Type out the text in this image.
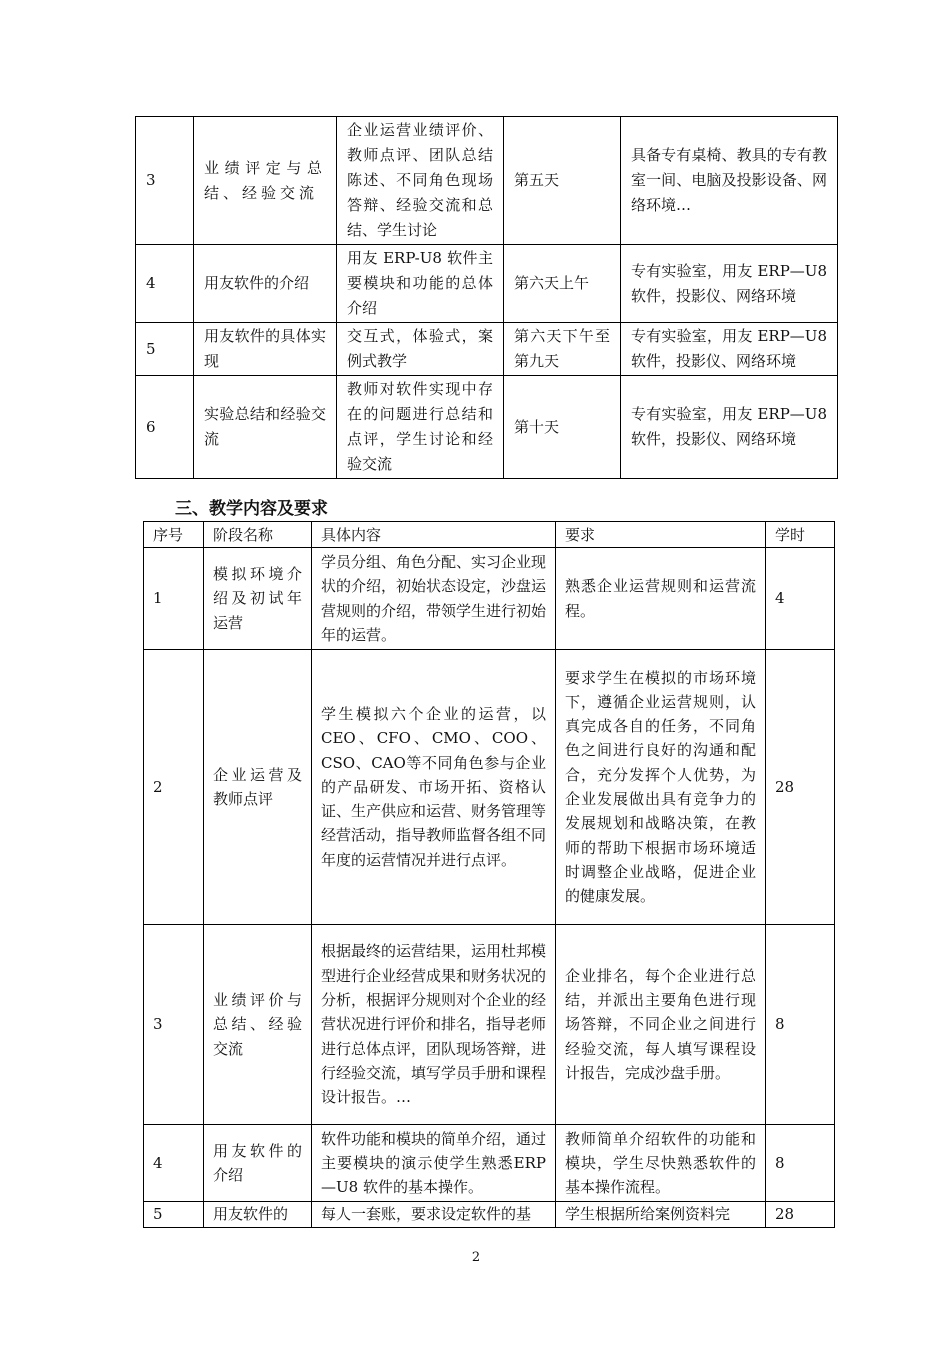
3	业绩评定与总结、经验交流	企业运营业绩评价、教师点评、团队总结陈述、不同角色现场答辩、经验交流和总结、学生讨论	第五天	具备专有桌椅、教具的专有教室一间、电脑及投影设备、网络环境…
4	用友软件的介绍	用友 ERP-U8 软件主要模块和功能的总体介绍	第六天上午	专有实验室，用友 ERP—U8 软件，投影仪、网络环境
5	用友软件的具体实现	交互式，体验式，案例式教学	第六天下午至第九天	专有实验室，用友 ERP—U8 软件，投影仪、网络环境
6	实验总结和经验交流	教师对软件实现中存在的问题进行总结和点评，学生讨论和经验交流	第十天	专有实验室，用友 ERP—U8 软件，投影仪、网络环境
三、教学内容及要求
序号	阶段名称	具体内容	要求	学时
1	模拟环境介绍及初试年运营	学员分组、角色分配、实习企业现状的介绍，初始状态设定，沙盘运营规则的介绍，带领学生进行初始年的运营。	熟悉企业运营规则和运营流程。	4
2	企业运营及教师点评	学生模拟六个企业的运营，以CEO、CFO、CMO、COO、CSO、CAO等不同角色参与企业的产品研发、市场开拓、资格认证、生产供应和运营、财务管理等经营活动，指导教师监督各组不同年度的运营情况并进行点评。	要求学生在模拟的市场环境下，遵循企业运营规则，认真完成各自的任务，不同角色之间进行良好的沟通和配合，充分发挥个人优势，为企业发展做出具有竞争力的发展规划和战略决策，在教师的帮助下根据市场环境适时调整企业战略，促进企业的健康发展。	28
3	业绩评价与总结、经验交流	根据最终的运营结果，运用杜邦模型进行企业经营成果和财务状况的分析，根据评分规则对个企业的经营状况进行评价和排名，指导老师进行总体点评，团队现场答辩，进行经验交流，填写学员手册和课程设计报告。…	企业排名，每个企业进行总结，并派出主要角色进行现场答辩，不同企业之间进行经验交流，每人填写课程设计报告，完成沙盘手册。	8
4	用友软件的介绍	软件功能和模块的简单介绍，通过主要模块的演示使学生熟悉ERP—U8 软件的基本操作。	教师简单介绍软件的功能和模块，学生尽快熟悉软件的基本操作流程。	8
5	用友软件的	每人一套账，要求设定软件的基	学生根据所给案例资料完	28
2
